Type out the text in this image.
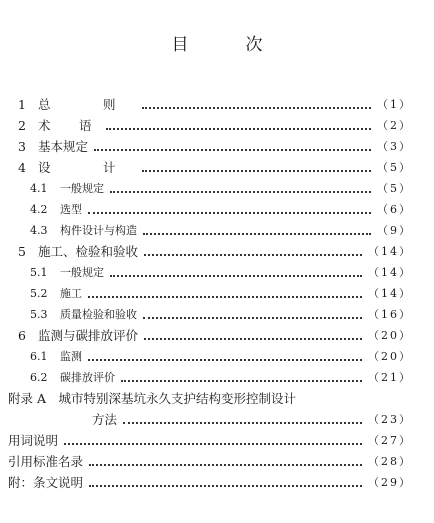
目　次
1 总　则	（1）
2 术　语	（2）
3 基本规定	（3）
4 设　计	（5）
4.1	一般规定	（5）
4.2	选型	（6）
4.3	构件设计与构造	（9）
5 施工、检验和验收	（14）
5.1	一般规定	（14）
5.2	施工	（14）
5.3	质量检验和验收	（16）
6 监测与碳排放评价	（20）
6.1	监测	（20）
6.2	碳排放评价	（21）
附录 A　城市特别深基坑永久支护结构变形控制设计
方法	（23）
用词说明	（27）
引用标准名录	（28）
附：条文说明	（29）
